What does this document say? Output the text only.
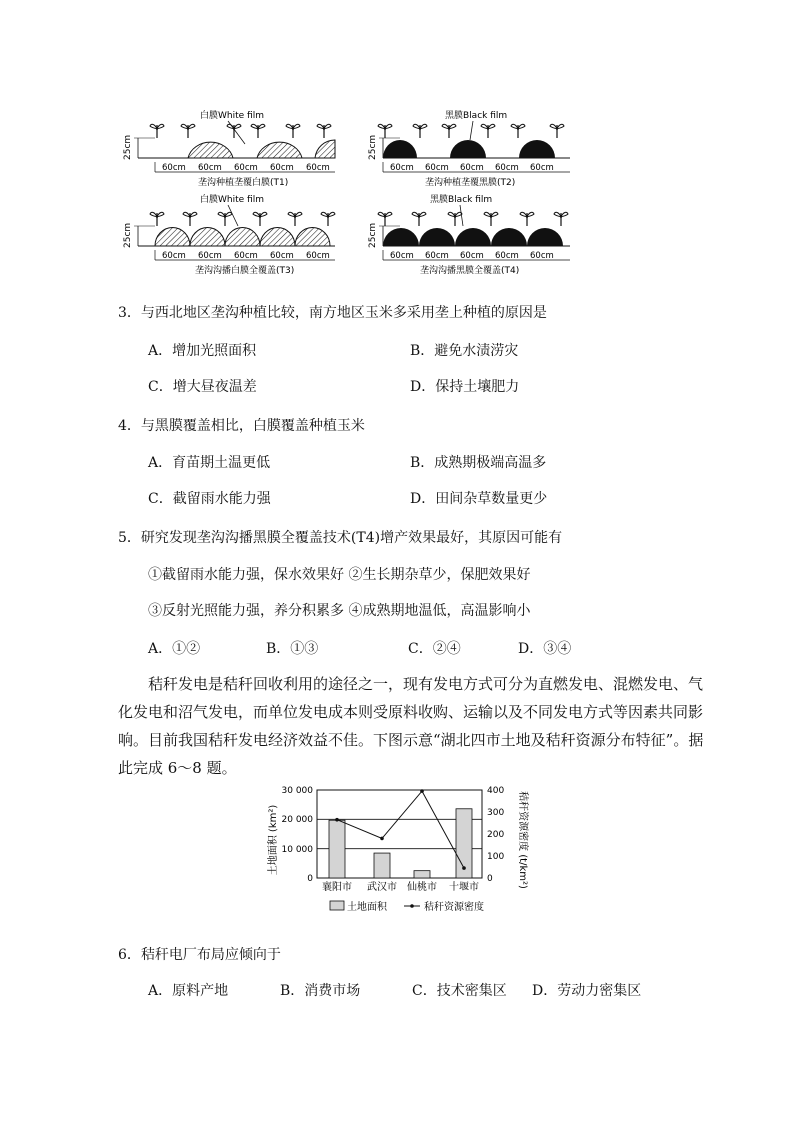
白膜White film
25cm
60cm 60cm 60cm 60cm 60cm
垄沟种植垄覆白膜(T1)
黑膜Black film
25cm
60cm 60cm 60cm 60cm 60cm
垄沟种植垄覆黑膜(T2)
白膜White film
25cm
60cm 60cm 60cm 60cm 60cm
垄沟沟播白膜全覆盖(T3)
黑膜Black film
25cm
60cm 60cm 60cm 60cm 60cm
垄沟沟播黑膜全覆盖(T4)
3．与西北地区垄沟种植比较，南方地区玉米多采用垄上种植的原因是
A．增加光照面积	B．避免水渍涝灾
C．增大昼夜温差	D．保持土壤肥力
4．与黑膜覆盖相比，白膜覆盖种植玉米
A．育苗期土温更低	B．成熟期极端高温多
C．截留雨水能力强	D．田间杂草数量更少
5．研究发现垄沟沟播黑膜全覆盖技术(T4)增产效果最好，其原因可能有
①截留雨水能力强，保水效果好 ②生长期杂草少，保肥效果好
③反射光照能力强，养分积累多 ④成熟期地温低，高温影响小
A．①②	B．①③	C．②④	D．③④
秸秆发电是秸秆回收利用的途径之一，现有发电方式可分为直燃发电、混燃发电、气
化发电和沼气发电，而单位发电成本则受原料收购、运输以及不同发电方式等因素共同影
响。目前我国秸秆发电经济效益不佳。下图示意“湖北四市土地及秸秆资源分布特征”。据
此完成 6～8 题。
土地面积 (km²)	秸秆资源密度 (t/km²)
30 000
20 000
10 000
0
400
300
200
100
0
襄阳市 武汉市 仙桃市 十堰市
土地面积	秸秆资源密度
6．秸秆电厂布局应倾向于
A．原料产地	B．消费市场	C．技术密集区 D．劳动力密集区
